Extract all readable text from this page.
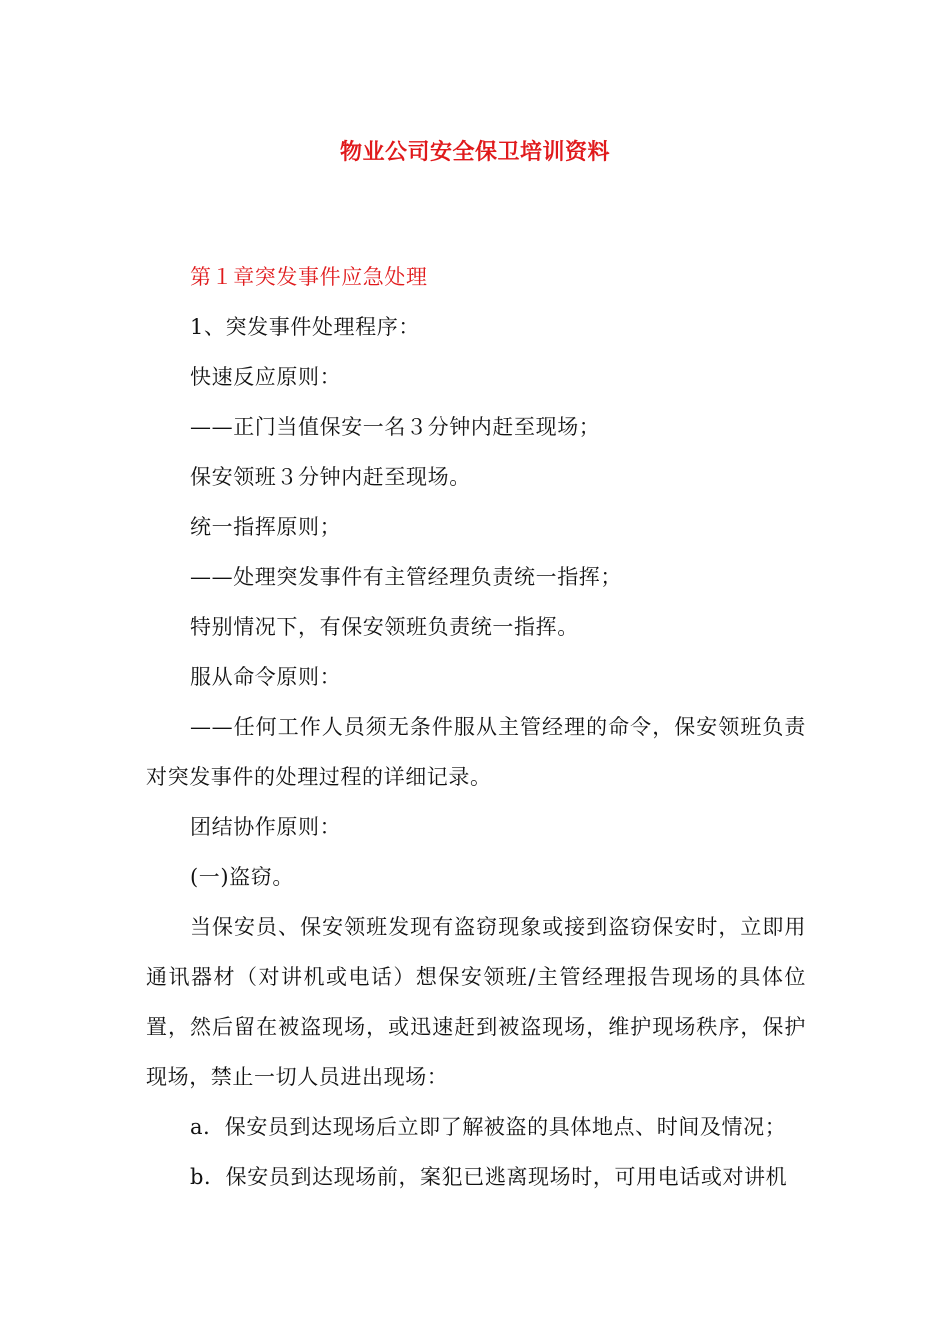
物业公司安全保卫培训资料

第１章突发事件应急处理

1、突发事件处理程序：

快速反应原则：

——正门当值保安一名３分钟内赶至现场；

保安领班３分钟内赶至现场。

统一指挥原则；

——处理突发事件有主管经理负责统一指挥；

特别情况下，有保安领班负责统一指挥。

服从命令原则：

——任何工作人员须无条件服从主管经理的命令，保安领班负责对突发事件的处理过程的详细记录。

团结协作原则：

(一)盗窃。

当保安员、保安领班发现有盗窃现象或接到盗窃保安时，立即用通讯器材（对讲机或电话）想保安领班/主管经理报告现场的具体位置，然后留在被盗现场，或迅速赶到被盗现场，维护现场秩序，保护现场，禁止一切人员进出现场：

a．保安员到达现场后立即了解被盗的具体地点、时间及情况；

b．保安员到达现场前，案犯已逃离现场时，可用电话或对讲机
